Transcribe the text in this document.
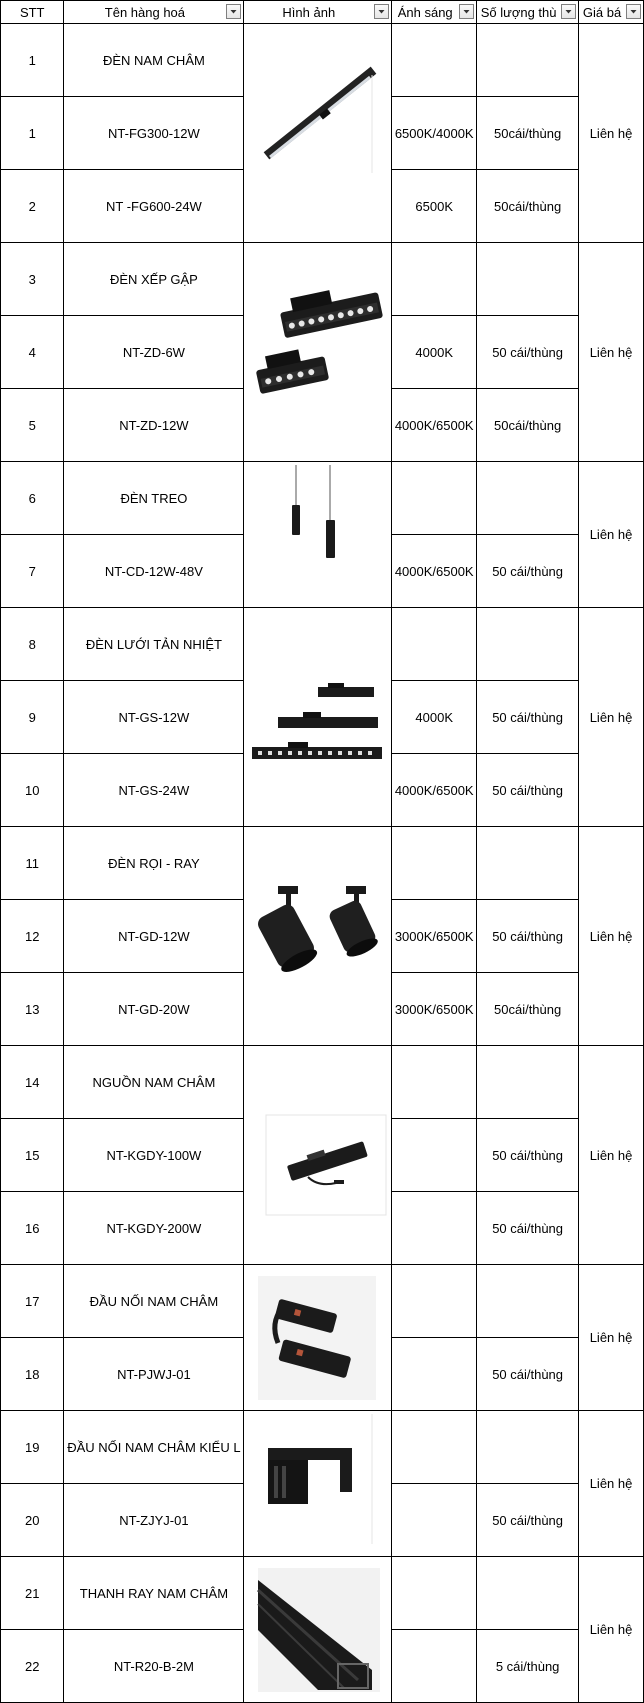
STT	Tên hàng hoá	Hình ảnh	Ánh sáng	Số lượng thù	Giá bá

1	ĐÈN NAM CHÂM				Liên hệ
1	NT-FG300-12W		6500K/4000K	50cái/thùng	
2	NT -FG600-24W		6500K	50cái/thùng	
3	ĐÈN XẾP GẬP				Liên hệ
4	NT-ZD-6W		4000K	50 cái/thùng	
5	NT-ZD-12W		4000K/6500K	50cái/thùng	
6	ĐÈN TREO				Liên hệ
7	NT-CD-12W-48V		4000K/6500K	50 cái/thùng	
8	ĐÈN LƯỚI TẢN NHIỆT				Liên hệ
9	NT-GS-12W		4000K	50 cái/thùng	
10	NT-GS-24W		4000K/6500K	50 cái/thùng	
11	ĐÈN RỌI - RAY				Liên hệ
12	NT-GD-12W		3000K/6500K	50 cái/thùng	
13	NT-GD-20W		3000K/6500K	50cái/thùng	
14	NGUỒN NAM CHÂM				Liên hệ
15	NT-KGDY-100W			50 cái/thùng	
16	NT-KGDY-200W			50 cái/thùng	
17	ĐẦU NỐI NAM CHÂM				Liên hệ
18	NT-PJWJ-01			50 cái/thùng	
19	ĐẦU NỐI NAM CHÂM KIỂU L				Liên hệ
20	NT-ZJYJ-01			50 cái/thùng	
21	THANH RAY NAM CHÂM				Liên hệ
22	NT-R20-B-2M			5 cái/thùng	
